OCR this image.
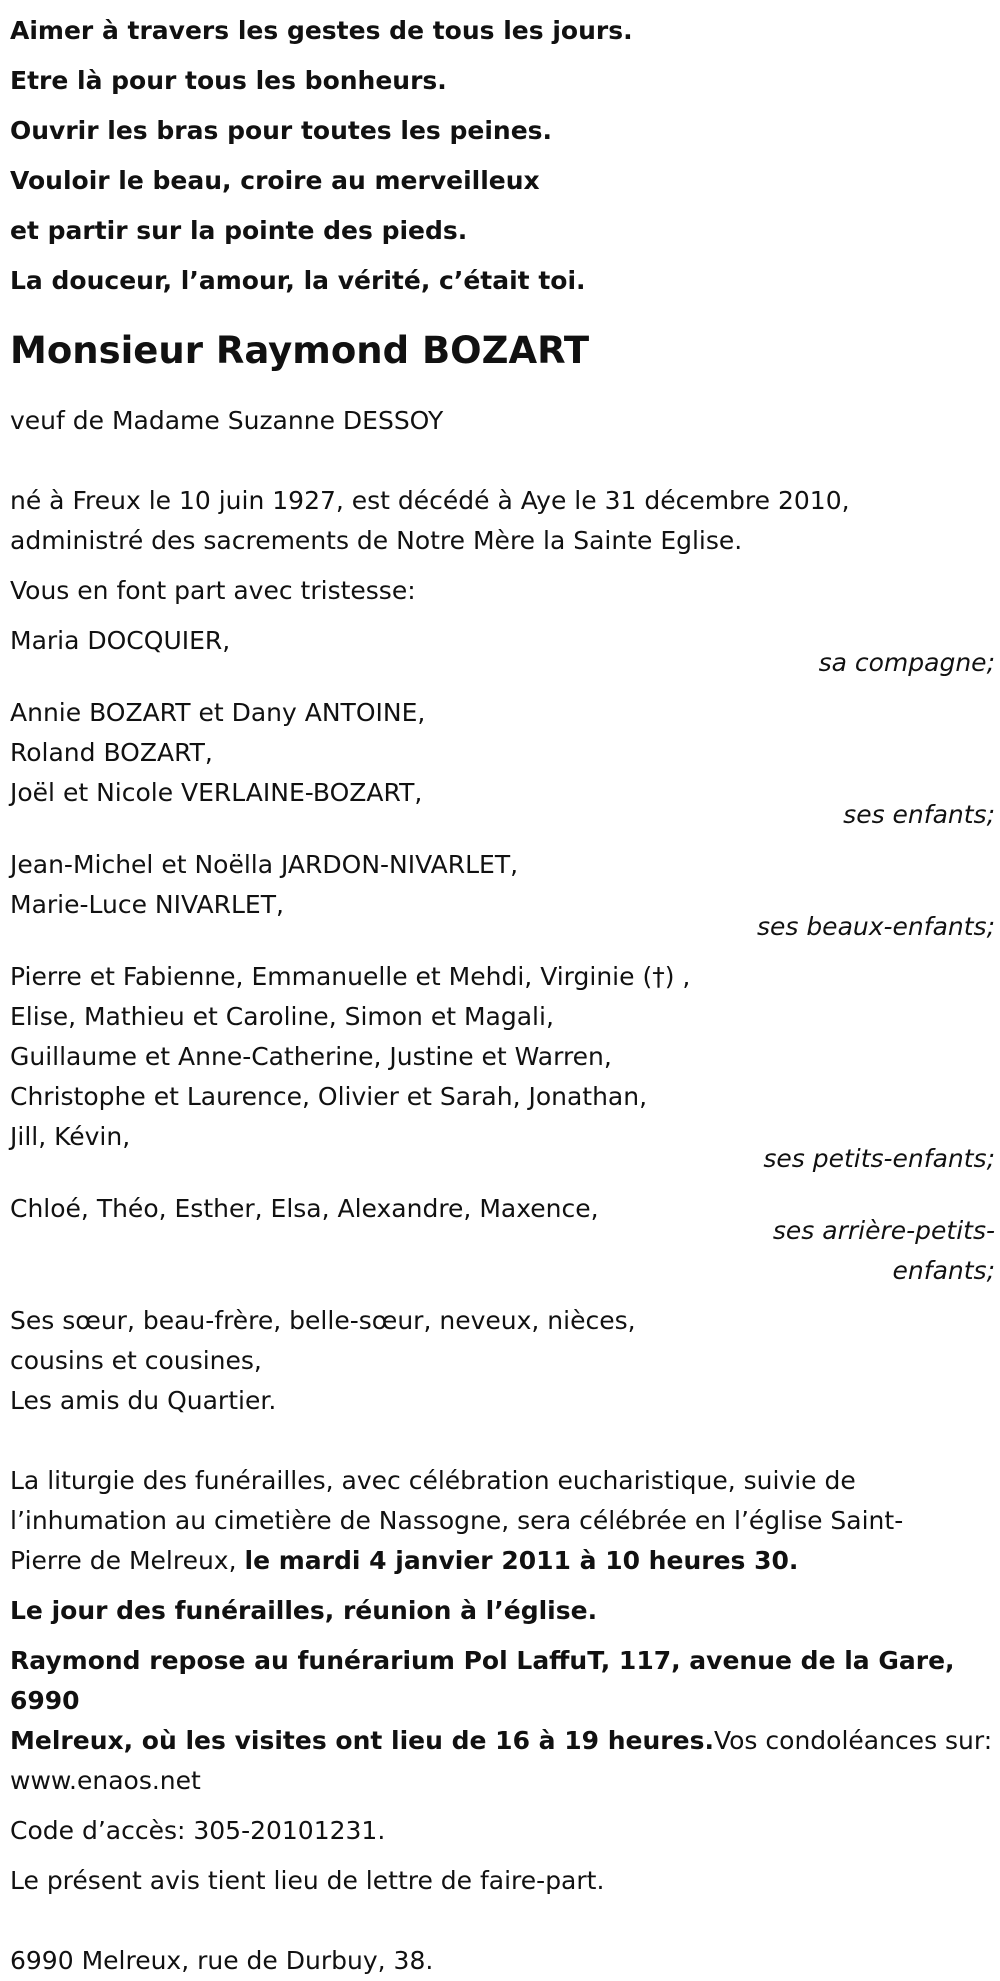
Aimer à travers les gestes de tous les jours.

Etre là pour tous les bonheurs.

Ouvrir les bras pour toutes les peines.

Vouloir le beau, croire au merveilleux

et partir sur la pointe des pieds.

La douceur, l’amour, la vérité, c’était toi.

Monsieur Raymond BOZART

veuf de Madame Suzanne DESSOY

né à Freux le 10 juin 1927, est décédé à Aye le 31 décembre 2010,

administré des sacrements de Notre Mère la Sainte Eglise.

Vous en font part avec tristesse:

Maria DOCQUIER,

sa compagne;

Annie BOZART et Dany ANTOINE,

Roland BOZART,

Joël et Nicole VERLAINE-BOZART,

ses enfants;

Jean-Michel et Noëlla JARDON-NIVARLET,

Marie-Luce NIVARLET,

ses beaux-enfants;

Pierre et Fabienne, Emmanuelle et Mehdi, Virginie (†) ,

Elise, Mathieu et Caroline, Simon et Magali,

Guillaume et Anne-Catherine, Justine et Warren,

Christophe et Laurence, Olivier et Sarah, Jonathan,

Jill, Kévin,

ses petits-enfants;

Chloé, Théo, Esther, Elsa, Alexandre, Maxence,

ses arrière-petits-

enfants;

Ses sœur, beau-frère, belle-sœur, neveux, nièces,

cousins et cousines,

Les amis du Quartier.

La liturgie des funérailles, avec célébration eucharistique, suivie de

l’inhumation au cimetière de Nassogne, sera célébrée en l’église Saint-

Pierre de Melreux, le mardi 4 janvier 2011 à 10 heures 30.

Le jour des funérailles, réunion à l’église.

Raymond repose au funérarium Pol LaffuT, 117, avenue de la Gare, 6990

Melreux, où les visites ont lieu de 16 à 19 heures.Vos condoléances sur:

www.enaos.net

Code d’accès: 305-20101231.

Le présent avis tient lieu de lettre de faire-part.

6990 Melreux, rue de Durbuy, 38.
